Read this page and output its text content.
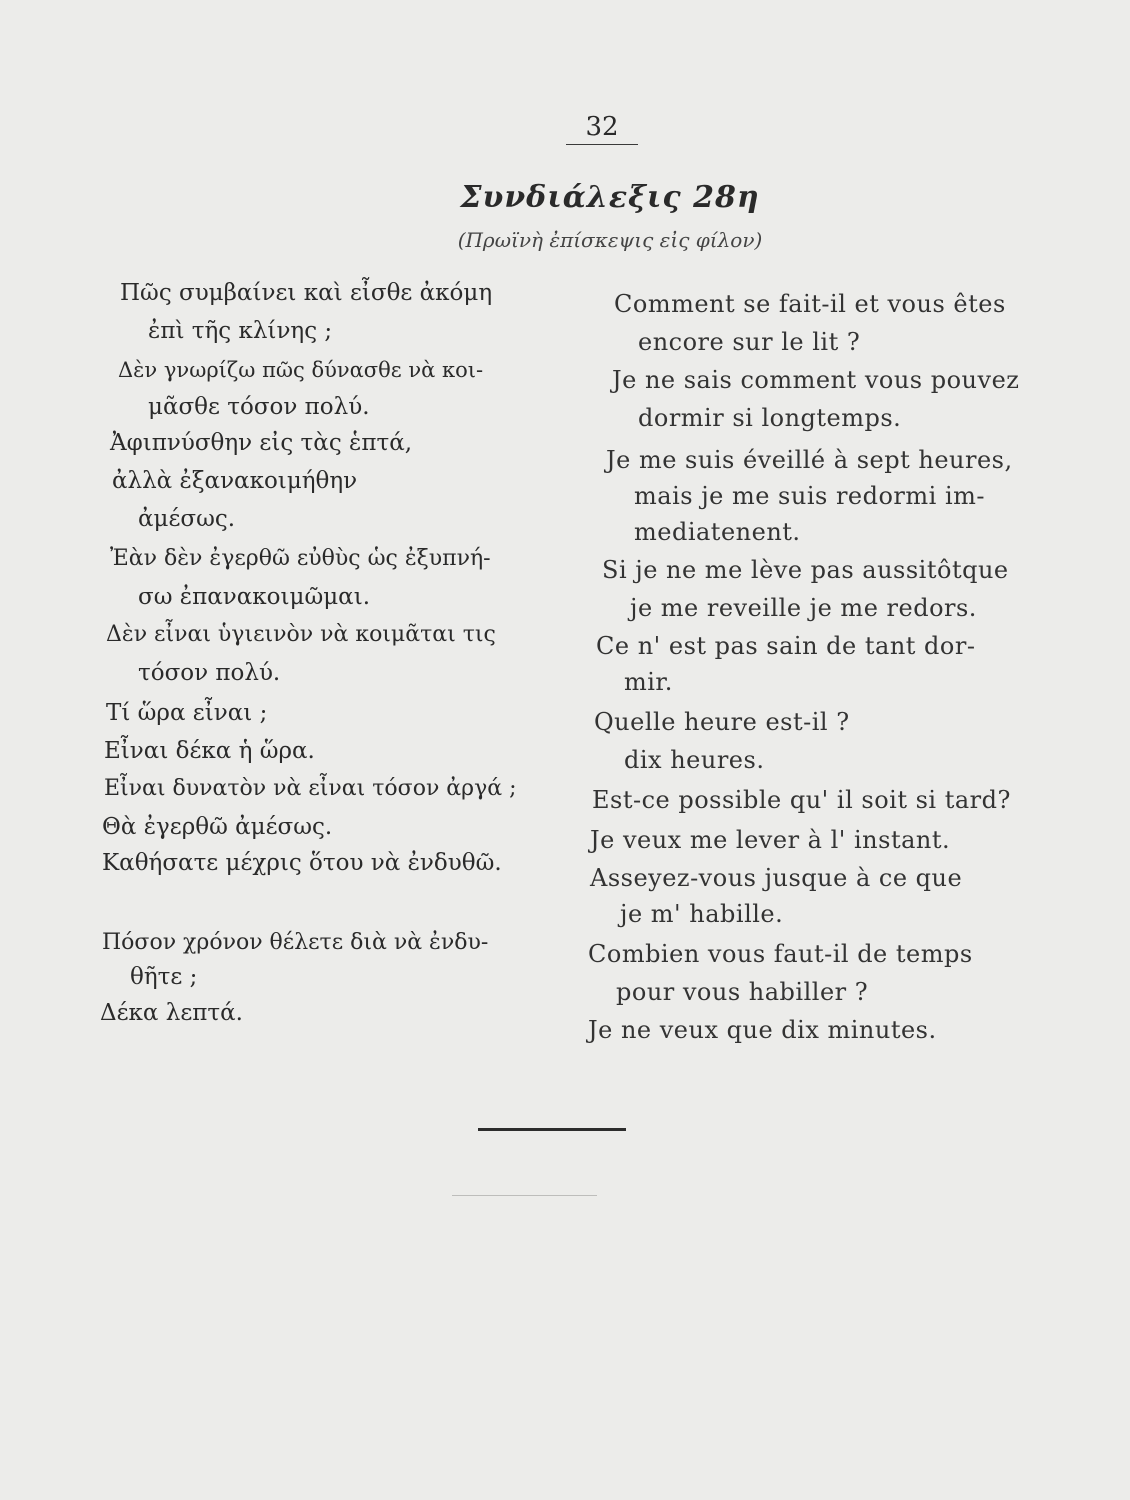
32
Συνδιάλεξις 28η
(Πρωϊνὴ ἐπίσκεψις εἰς φίλον)
Πῶς συμβαίνει καὶ εἶσθε ἀκόμη
ἐπὶ τῆς κλίνης ;
Δὲν γνωρίζω πῶς δύνασθε νὰ κοι-
μᾶσθε τόσον πολύ.
Ἀφιπνύσθην εἰς τὰς ἑπτά,
ἀλλὰ ἐξανακοιμήθην
ἀμέσως.
Ἐὰν δὲν ἐγερθῶ εὐθὺς ὡς ἐξυπνή-
σω ἐπανακοιμῶμαι.
Δὲν εἶναι ὑγιεινὸν νὰ κοιμᾶται τις
τόσον πολύ.
Τί ὥρα εἶναι ;
Εἶναι δέκα ἡ ὥρα.
Εἶναι δυνατὸν νὰ εἶναι τόσον ἀργά ;
Θὰ ἐγερθῶ ἀμέσως.
Καθήσατε μέχρις ὅτου νὰ ἐνδυθῶ.
Πόσον χρόνον θέλετε διὰ νὰ ἐνδυ-
θῆτε ;
Δέκα λεπτά.
Comment se fait-il et vous êtes
encore sur le lit ?
Je ne sais comment vous pouvez
dormir si longtemps.
Je me suis éveillé à sept heures,
mais je me suis redormi im-
mediatenent.
Si je ne me lève pas aussitôtque
je me reveille je me redors.
Ce n' est pas sain de tant dor-
mir.
Quelle heure est-il ?
dix heures.
Est-ce possible qu' il soit si tard?
Je veux me lever à l' instant.
Asseyez-vous jusque à ce que
je m' habille.
Combien vous faut-il de temps
pour vous habiller ?
Je ne veux que dix minutes.
